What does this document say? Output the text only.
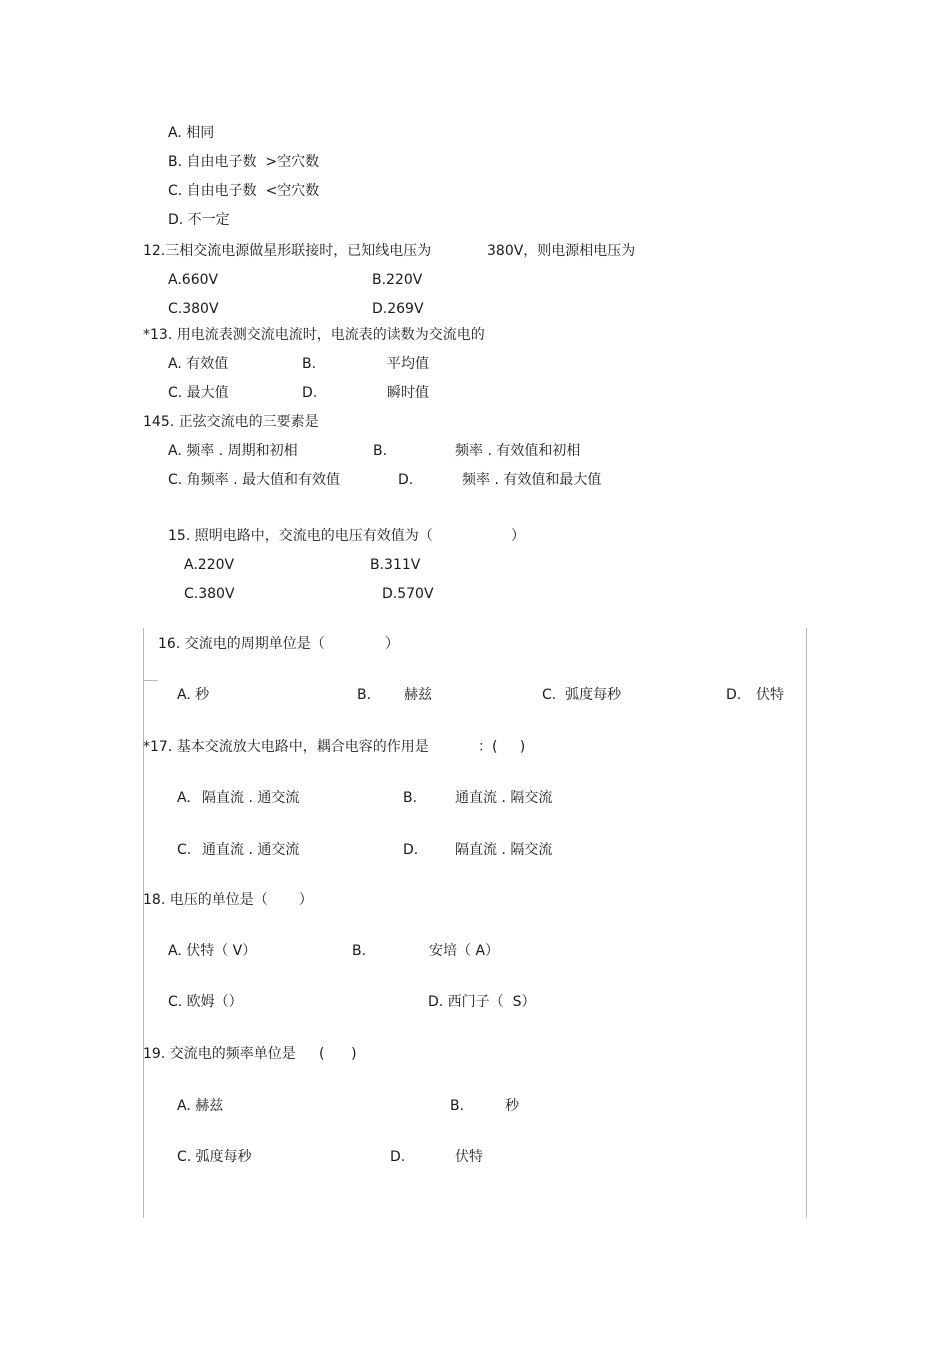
A. 相同
B. 自由电子数  >空穴数
C. 自由电子数  <空穴数
D. 不一定
12.三相交流电源做星形联接时，已知线电压为	380V，则电源相电压为
A.660V	B.220V
C.380V	D.269V
*13. 用电流表测交流电流时，电流表的读数为交流电的
A. 有效值	B.	平均值
C. 最大值	D.	瞬时值
145. 正弦交流电的三要素是
A. 频率 . 周期和初相	B.	频率 . 有效值和初相
C. 角频率 . 最大值和有效值	D.	频率 . 有效值和最大值
15. 照明电路中，交流电的电压有效值为（	）
A.220V	B.311V
C.380V	D.570V
16. 交流电的周期单位是（	）
A. 秒	B. 赫兹	C.  弧度每秒	D. 伏特
*17. 基本交流放大电路中，耦合电容的作用是	：(     )
A. 隔直流 . 通交流	B.	通直流 . 隔交流
C. 通直流 . 通交流	D.	隔直流 . 隔交流
18. 电压的单位是（       ）
A. 伏特（ V）	B.	安培（ A）
C. 欧姆（）	D. 西门子（  S）
19. 交流电的频率单位是 (      )
A. 赫兹	B.	秒
C. 弧度每秒	D.	伏特
